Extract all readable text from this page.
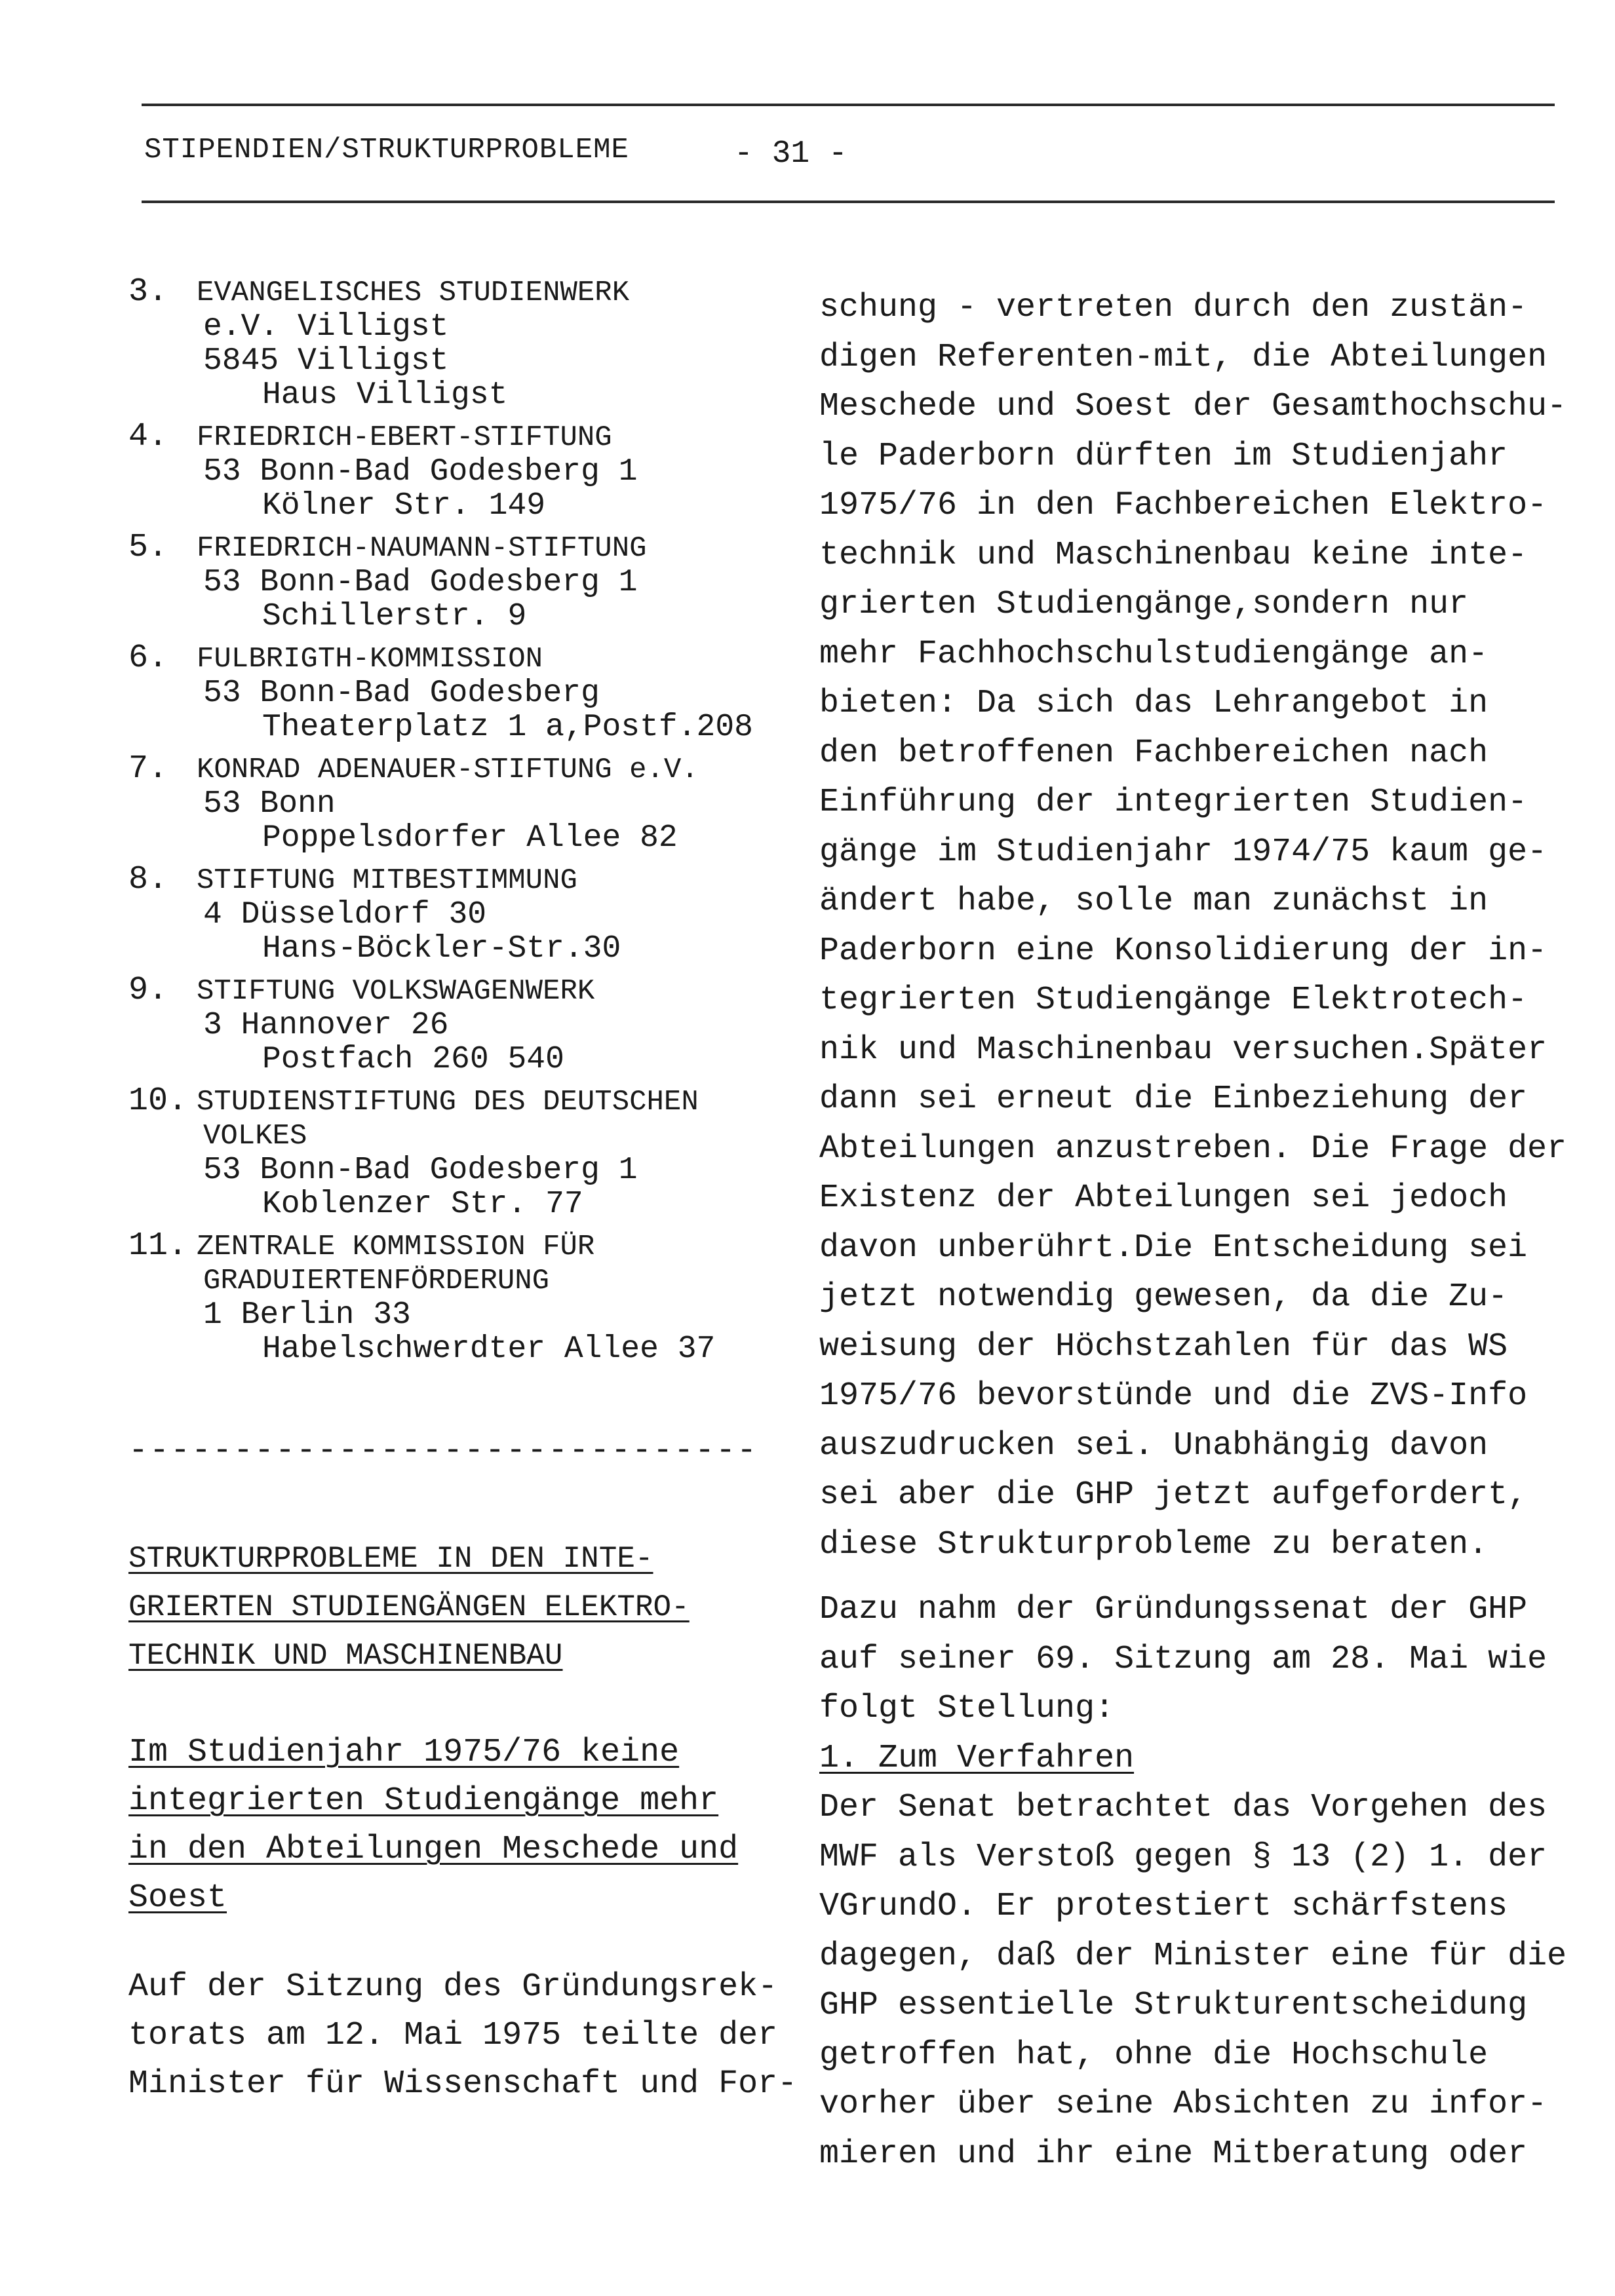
STIPENDIEN/STRUKTURPROBLEME	- 31 -
3. EVANGELISCHES STUDIENWERK
e.V. Villigst
5845 Villigst
Haus Villigst
4. FRIEDRICH-EBERT-STIFTUNG
53 Bonn-Bad Godesberg 1
Kölner Str. 149
5. FRIEDRICH-NAUMANN-STIFTUNG
53 Bonn-Bad Godesberg 1
Schillerstr. 9
6. FULBRIGTH-KOMMISSION
53 Bonn-Bad Godesberg
Theaterplatz 1 a,Postf.208
7. KONRAD ADENAUER-STIFTUNG e.V.
53 Bonn
Poppelsdorfer Allee 82
8. STIFTUNG MITBESTIMMUNG
4 Düsseldorf 30
Hans-Böckler-Str.30
9. STIFTUNG VOLKSWAGENWERK
3 Hannover 26
Postfach 260 540
10. STUDIENSTIFTUNG DES DEUTSCHEN
VOLKES
53 Bonn-Bad Godesberg 1
Koblenzer Str. 77
11. ZENTRALE KOMMISSION FÜR
GRADUIERTENFÖRDERUNG
1 Berlin 33
Habelschwerdter Allee 37
------------------------------
STRUKTURPROBLEME IN DEN INTE-
GRIERTEN STUDIENGÄNGEN ELEKTRO-
TECHNIK UND MASCHINENBAU
Im Studienjahr 1975/76 keine
integrierten Studiengänge mehr
in den Abteilungen Meschede und
Soest
Auf der Sitzung des Gründungsrek-
torats am 12. Mai 1975 teilte der
Minister für Wissenschaft und For-
schung - vertreten durch den zustän-
digen Referenten-mit, die Abteilungen
Meschede und Soest der Gesamthochschu-
le Paderborn dürften im Studienjahr
1975/76 in den Fachbereichen Elektro-
technik und Maschinenbau keine inte-
grierten Studiengänge,sondern nur
mehr Fachhochschulstudiengänge an-
bieten: Da sich das Lehrangebot in
den betroffenen Fachbereichen nach
Einführung der integrierten Studien-
gänge im Studienjahr 1974/75 kaum ge-
ändert habe, solle man zunächst in
Paderborn eine Konsolidierung der in-
tegrierten Studiengänge Elektrotech-
nik und Maschinenbau versuchen.Später
dann sei erneut die Einbeziehung der
Abteilungen anzustreben. Die Frage der
Existenz der Abteilungen sei jedoch
davon unberührt.Die Entscheidung sei
jetzt notwendig gewesen, da die Zu-
weisung der Höchstzahlen für das WS
1975/76 bevorstünde und die ZVS-Info
auszudrucken sei. Unabhängig davon
sei aber die GHP jetzt aufgefordert,
diese Strukturprobleme zu beraten.
Dazu nahm der Gründungssenat der GHP
auf seiner 69. Sitzung am 28. Mai wie
folgt Stellung:
1. Zum Verfahren
Der Senat betrachtet das Vorgehen des
MWF als Verstoß gegen § 13 (2) 1. der
VGrundO. Er protestiert schärfstens
dagegen, daß der Minister eine für die
GHP essentielle Strukturentscheidung
getroffen hat, ohne die Hochschule
vorher über seine Absichten zu infor-
mieren und ihr eine Mitberatung oder
